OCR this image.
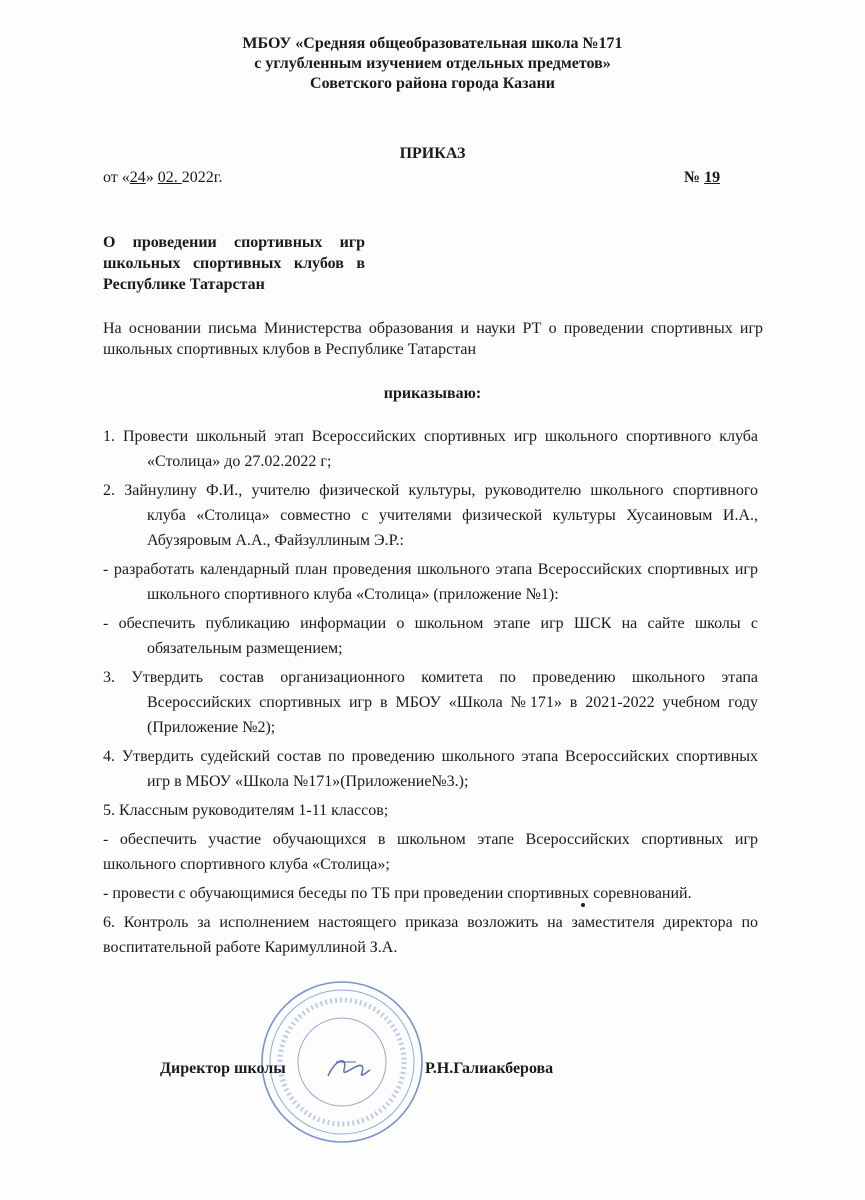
МБОУ «Средняя общеобразовательная школа №171
с углубленным изучением отдельных предметов»
Советского района города Казани
ПРИКАЗ
от «24» 02. 2022г.	№ 19
О проведении спортивных игр школьных спортивных клубов в Республике Татарстан
На основании письма Министерства образования и науки РТ о проведении спортивных игр школьных спортивных клубов в Республике Татарстан
приказываю:
1. Провести школьный этап Всероссийских спортивных игр школьного спортивного клуба «Столица» до 27.02.2022 г;
2. Зайнулину Ф.И., учителю физической культуры, руководителю школьного спортивного клуба «Столица» совместно с учителями физической культуры Хусаиновым И.А., Абузяровым А.А., Файзуллиным Э.Р.:
- разработать календарный план проведения школьного этапа Всероссийских спортивных игр школьного спортивного клуба «Столица» (приложение №1):
- обеспечить публикацию информации о школьном этапе игр ШСК на сайте школы с обязательным размещением;
3. Утвердить состав организационного комитета по проведению школьного этапа Всероссийских спортивных игр в МБОУ «Школа №171» в 2021-2022 учебном году (Приложение №2);
4. Утвердить судейский состав по проведению школьного этапа Всероссийских спортивных игр в МБОУ «Школа №171»(Приложение№3.);
5. Классным руководителям 1-11 классов;
- обеспечить участие обучающихся в школьном этапе Всероссийских спортивных игр школьного спортивного клуба «Столица»;
- провести с обучающимися беседы по ТБ при проведении спортивных соревнований.
6. Контроль за исполнением настоящего приказа возложить на заместителя директора по воспитательной работе Каримуллиной З.А.
Директор школы	Р.Н.Галиакберова
